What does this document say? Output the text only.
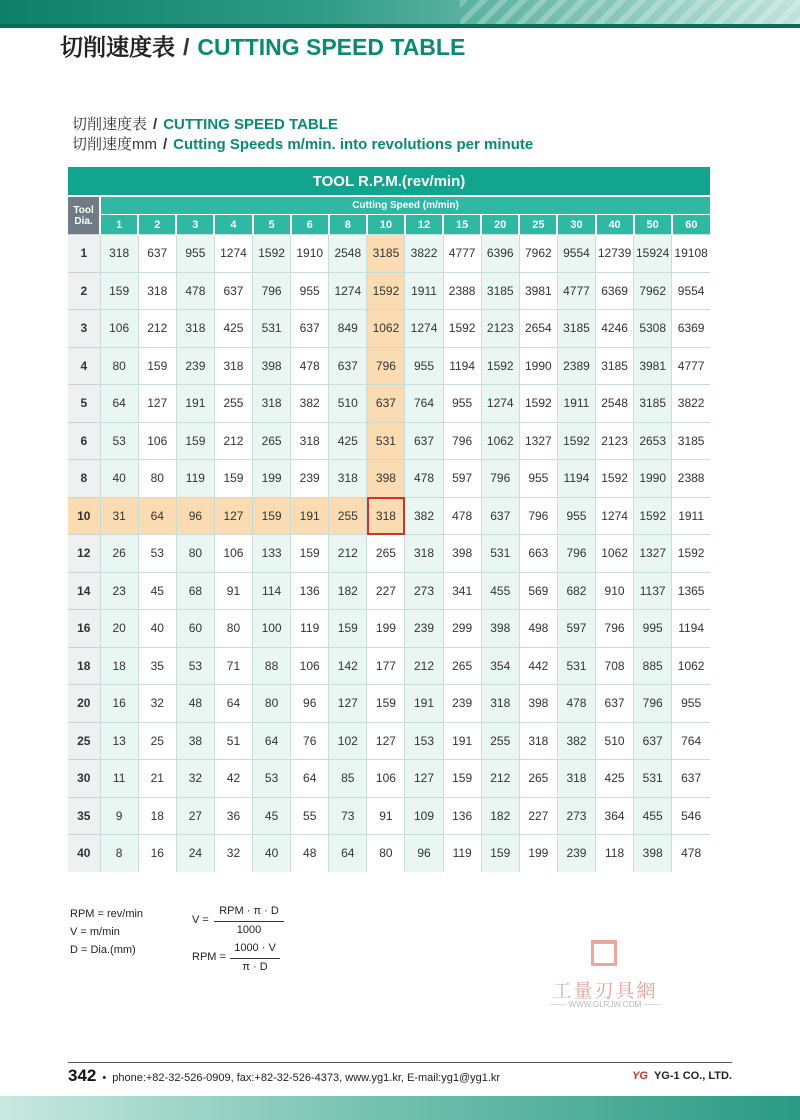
切削速度表 / CUTTING SPEED TABLE
切削速度表 / CUTTING SPEED TABLE
切削速度mm / Cutting Speeds m/min. into revolutions per minute
TOOL R.P.M.(rev/min)																
Tool
Dia.	Cutting Speed (m/min)															
	1	2	3	4	5	6	8	10	12	15	20	25	30	40	50	60
1	318	637	955	1274	1592	1910	2548	3185	3822	4777	6396	7962	9554	12739	15924	19108
2	159	318	478	637	796	955	1274	1592	1911	2388	3185	3981	4777	6369	7962	9554
3	106	212	318	425	531	637	849	1062	1274	1592	2123	2654	3185	4246	5308	6369
4	80	159	239	318	398	478	637	796	955	1194	1592	1990	2389	3185	3981	4777
5	64	127	191	255	318	382	510	637	764	955	1274	1592	1911	2548	3185	3822
6	53	106	159	212	265	318	425	531	637	796	1062	1327	1592	2123	2653	3185
8	40	80	119	159	199	239	318	398	478	597	796	955	1194	1592	1990	2388
10	31	64	96	127	159	191	255	318	382	478	637	796	955	1274	1592	1911
12	26	53	80	106	133	159	212	265	318	398	531	663	796	1062	1327	1592
14	23	45	68	91	114	136	182	227	273	341	455	569	682	910	1137	1365
16	20	40	60	80	100	119	159	199	239	299	398	498	597	796	995	1194
18	18	35	53	71	88	106	142	177	212	265	354	442	531	708	885	1062
20	16	32	48	64	80	96	127	159	191	239	318	398	478	637	796	955
25	13	25	38	51	64	76	102	127	153	191	255	318	382	510	637	764
30	11	21	32	42	53	64	85	106	127	159	212	265	318	425	531	637
35	9	18	27	36	45	55	73	91	109	136	182	227	273	364	455	546
40	8	16	24	32	40	48	64	80	96	119	159	199	239	118	398	478
RPM = rev/min
V = m/min
D = Dia.(mm)
V =
RPM · π · D
1000
RPM =
1000 · V
π · D
工量刃具網
—— WWW.GLRJW.COM ——
342 • phone:+82-32-526-0909, fax:+82-32-526-4373, www.yg1.kr, E-mail:yg1@yg1.kr	YG YG-1 CO., LTD.
